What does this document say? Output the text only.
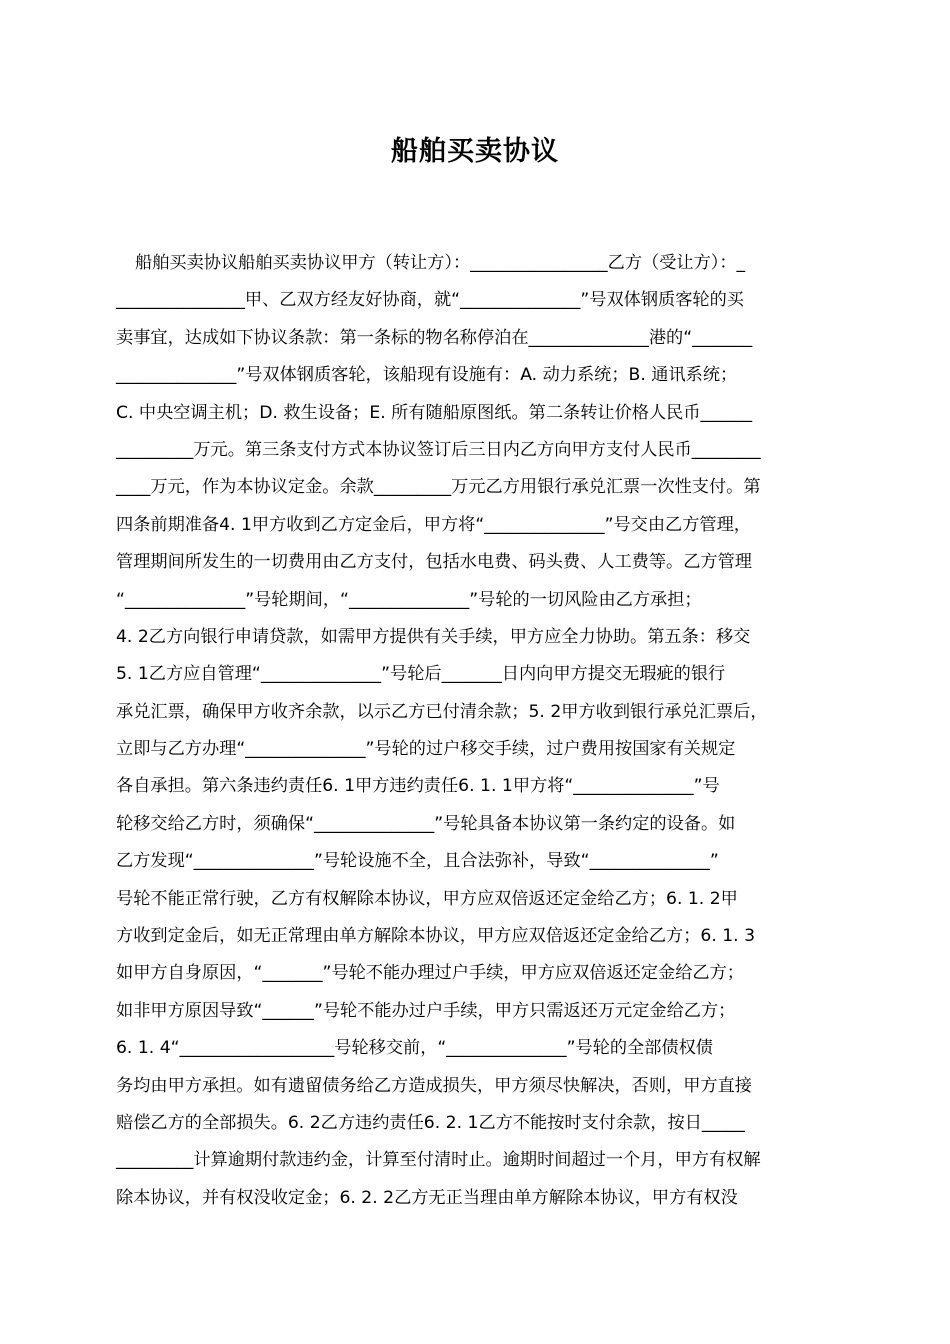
船舶买卖协议
船舶买卖协议船舶买卖协议甲方（转让方）：________________乙方（受让方）：_
_______________甲、乙双方经友好协商，就“______________”号双体钢质客轮的买
卖事宜，达成如下协议条款：第一条标的物名称停泊在______________港的“_______
______________”号双体钢质客轮，该船现有设施有：A. 动力系统；B. 通讯系统；
C. 中央空调主机；D. 救生设备；E. 所有随船原图纸。第二条转让价格人民币______
_________万元。第三条支付方式本协议签订后三日内乙方向甲方支付人民币________
____万元，作为本协议定金。余款_________万元乙方用银行承兑汇票一次性支付。第
四条前期准备4. 1甲方收到乙方定金后，甲方将“______________”号交由乙方管理，
管理期间所发生的一切费用由乙方支付，包括水电费、码头费、人工费等。乙方管理
“______________”号轮期间，“______________”号轮的一切风险由乙方承担；
4. 2乙方向银行申请贷款，如需甲方提供有关手续，甲方应全力协助。第五条：移交
5. 1乙方应自管理“______________”号轮后_______日内向甲方提交无瑕疵的银行
承兑汇票，确保甲方收齐余款，以示乙方已付清余款；5. 2甲方收到银行承兑汇票后，
立即与乙方办理“______________”号轮的过户移交手续，过户费用按国家有关规定
各自承担。第六条违约责任6. 1甲方违约责任6. 1. 1甲方将“______________”号
轮移交给乙方时，须确保“______________”号轮具备本协议第一条约定的设备。如
乙方发现“______________”号轮设施不全，且合法弥补，导致“______________”
号轮不能正常行驶，乙方有权解除本协议，甲方应双倍返还定金给乙方；6. 1. 2甲
方收到定金后，如无正常理由单方解除本协议，甲方应双倍返还定金给乙方；6. 1. 3
如甲方自身原因，“_______”号轮不能办理过户手续，甲方应双倍返还定金给乙方；
如非甲方原因导致“______”号轮不能办过户手续，甲方只需返还万元定金给乙方；
6. 1. 4“__________________号轮移交前，“______________”号轮的全部债权债
务均由甲方承担。如有遗留债务给乙方造成损失，甲方须尽快解决，否则，甲方直接
赔偿乙方的全部损失。6. 2乙方违约责任6. 2. 1乙方不能按时支付余款，按日_____
_________计算逾期付款违约金，计算至付清时止。逾期时间超过一个月，甲方有权解
除本协议，并有权没收定金；6. 2. 2乙方无正当理由单方解除本协议，甲方有权没
